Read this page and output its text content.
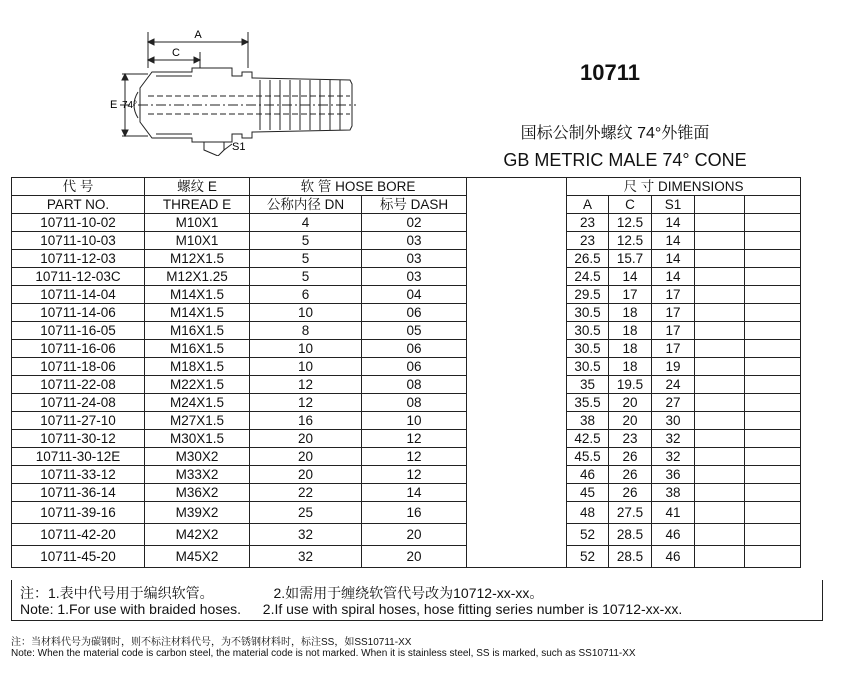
A
C
E 74°
S1
10711
国标公制外螺纹 74°外锥面
GB METRIC MALE 74° CONE
代 号	螺纹 E	软 管 HOSE BORE			尺 寸 DIMENSIONS				
PART NO.	THREAD E	公称内径 DN	标号 DASH		A	C	S1		
10711-10-02	M10X1	4	02		23	12.5	14		
10711-10-03	M10X1	5	03		23	12.5	14		
10711-12-03	M12X1.5	5	03		26.5	15.7	14		
10711-12-03C	M12X1.25	5	03		24.5	14	14		
10711-14-04	M14X1.5	6	04		29.5	17	17		
10711-14-06	M14X1.5	10	06		30.5	18	17		
10711-16-05	M16X1.5	8	05		30.5	18	17		
10711-16-06	M16X1.5	10	06		30.5	18	17		
10711-18-06	M18X1.5	10	06		30.5	18	19		
10711-22-08	M22X1.5	12	08		35	19.5	24		
10711-24-08	M24X1.5	12	08		35.5	20	27		
10711-27-10	M27X1.5	16	10		38	20	30		
10711-30-12	M30X1.5	20	12		42.5	23	32		
10711-30-12E	M30X2	20	12		45.5	26	32		
10711-33-12	M33X2	20	12		46	26	36		
10711-36-14	M36X2	22	14		45	26	38		
10711-39-16	M39X2	25	16		48	27.5	41		
10711-42-20	M42X2	32	20		52	28.5	46		
10711-45-20	M45X2	32	20		52	28.5	46		
注：1.表中代号用于编织软管。	2.如需用于缠绕软管代号改为10712-xx-xx。
Note: 1.For use with braided hoses. 2.If use with spiral hoses, hose fitting series number is 10712-xx-xx.
注：当材料代号为碳钢时，则不标注材料代号，为不锈钢材料时，标注SS，如SS10711-XX
Note: When the material code is carbon steel, the material code is not marked. When it is stainless steel, SS is marked, such as SS10711-XX
